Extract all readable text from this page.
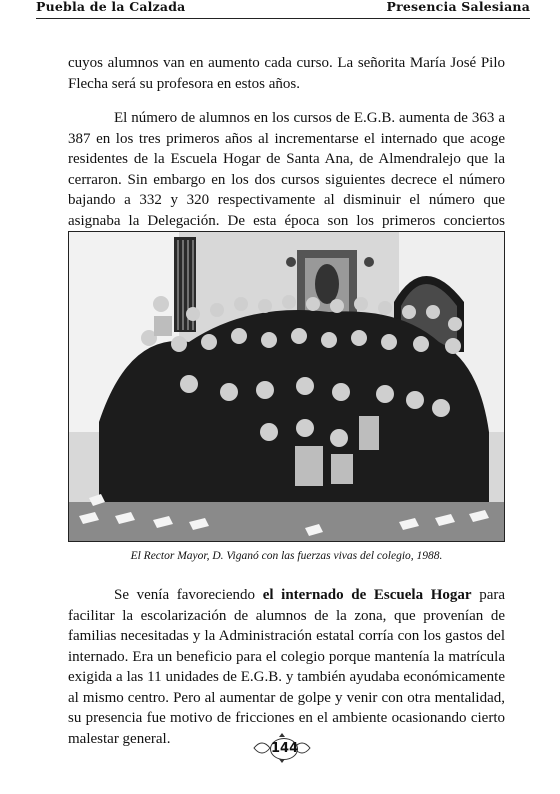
Puebla de la Calzada	Presencia Salesiana

cuyos alumnos van en aumento cada curso. La señorita María José Pilo Flecha será su profesora en estos años.

El número de alumnos en los cursos de E.G.B. aumenta de 363 a 387 en los tres primeros años al incrementarse el internado que acoge residentes de la Escuela Hogar de Santa Ana, de Almendralejo que la cerraron. Sin embargo en los dos cursos siguientes decrece el número bajando a 332 y 320 respectivamente al disminuir el número que asignaba la Delegación. De esta época son los primeros conciertos

El Rector Mayor, D. Viganó con las fuerzas vivas del colegio, 1988.

Se venía favoreciendo el internado de Escuela Hogar para facilitar la escolarización de alumnos de la zona, que provenían de familias necesitadas y la Administración estatal corría con los gastos del internado. Era un beneficio para el colegio porque mantenía la matrícula exigida a las 11 unidades de E.G.B. y también ayudaba económicamente al mismo centro. Pero al aumentar de golpe y venir con otra mentalidad, su presencia fue motivo de fricciones en el ambiente ocasionando cierto malestar general.

144
